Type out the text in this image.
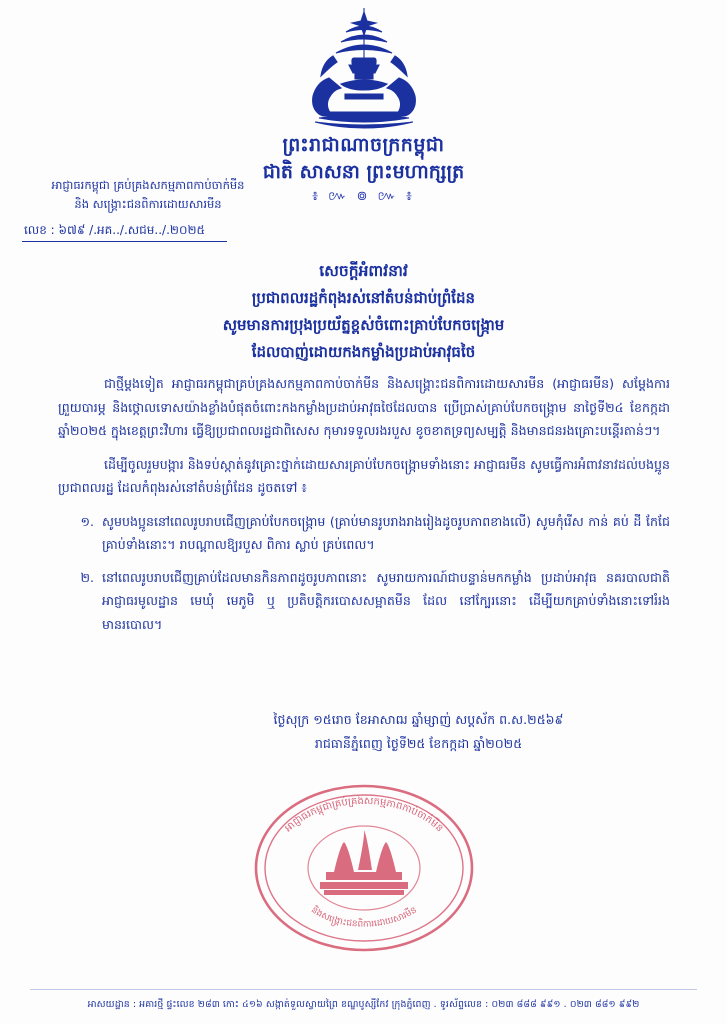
ព្រះរាជាណាចក្រកម្ពុជា
ជាតិ សាសនា ព្រះមហាក្សត្រ
៖ ៚ ៙ ៚ ៖
អាជ្ញាធរកម្ពុជា គ្រប់គ្រងសកម្មភាពកាប់ចាក់មីន
និង សង្គ្រោះជនពិការដោយសារមីន
លេខ : ៦៧៩ /.អគ../.សជម../.២០២៥
សេចក្តីអំពាវនាវ
ប្រជាពលរដ្ឋកំពុងរស់នៅតំបន់ជាប់ព្រំដែន
សូមមានការប្រុងប្រយ័ត្នខ្ពស់ចំពោះគ្រាប់បែកចង្រ្កោម
ដែលបាញ់ដោយកងកម្លាំងប្រដាប់អាវុធថៃ

ជាថ្មីម្តងទៀត អាជ្ញាធរកម្ពុជាគ្រប់គ្រងសកម្មភាពកាប់ចាក់មីន និងសង្គ្រោះជនពិការដោយសារមីន (អាជ្ញាធរមីន) សម្តែងការព្រួយបារម្ភ និងថ្កោលទោសយ៉ាងខ្លាំងបំផុតចំពោះកងកម្លាំងប្រដាប់អាវុធថៃដែលបាន ប្រើប្រាស់គ្រាប់បែកចង្រ្កោម នាថ្ងៃទី២៤ ខែកក្កដា ឆ្នាំ២០២៥ ក្នុងខេត្តព្រះវិហារ ធ្វើឱ្យប្រជាពលរដ្ឋជាពិសេស កុមារទទួលរងរបួស ខូចខាតទ្រព្យសម្បត្តិ និងមានជនរងគ្រោះបន្តើរតាន់ៗ។

ដើម្បីចូលរួមបង្ការ និងទប់ស្កាត់នូវគ្រោះថ្នាក់ដោយសារគ្រាប់បែកចង្រ្កោមទាំងនោះ អាជ្ញាធរមីន សូមធ្វើការអំពាវនាវដល់បងប្អូនប្រជាពលរដ្ឋ ដែលកំពុងរស់នៅតំបន់ព្រំដែន ដូចតទៅ ៖

១. សូមបងប្អូននៅពេលរូបរាបជើញគ្រាប់បែកចង្រ្កោម (គ្រាប់មានរូបរាងរាងរៀងដូចរូបភាពខាងលើ) សូមកុំរើស កាន់ គប់ ដី កែជែ គ្រាប់ទាំងនោះ។ រាបណ្តាលឱ្យរបួស ពិការ ស្លាប់ គ្រប់ពេល។
២. នៅពេលរូបរាបជើញគ្រាប់ដែលមានកិនភាពដូចរូបភាពនោះ សូមរាយការណ៍ជាបន្ទាន់មកកម្លាំង ប្រដាប់អាវុធ នគរបាលជាតិ អាជ្ញាធរមូលដ្ឋាន មេឃុំ មេភូមិ ឬ ប្រតិបត្តិករបោសសម្អាតមីន ដែល នៅក្បែរនោះ ដើម្បីយកគ្រាប់ទាំងនោះទៅរំរងមានរបោល។
ថ្ងៃសុក្រ ១៥រោច ខែអាសាឍ ឆ្នាំម្សាញ់ សប្តស័ក ព.ស.២៥៦៩
រាជធានីភ្នំពេញ ថ្ងៃទី២៥ ខែកក្កដា ឆ្នាំ២០២៥
អាជ្ញាធរកម្ពុជាគ្រប់គ្រងសកម្មភាពកាប់ចាក់មីន
និងសង្គ្រោះជនពិការដោយសារមីន
អាសយដ្ឋាន : អគារថ្មី ផ្ទះលេខ ២៨៣ កោះ ៤១៦ សង្កាត់ទួលស្វាយព្រៃ ខណ្ឌបូស្សីកែវ ក្រុងភ្នំពេញ . ទូរស័ព្ទលេខ : ០២៣ ៨៨៨ ៩៩១ . ០២៣ ៨៨១ ៩៩២
